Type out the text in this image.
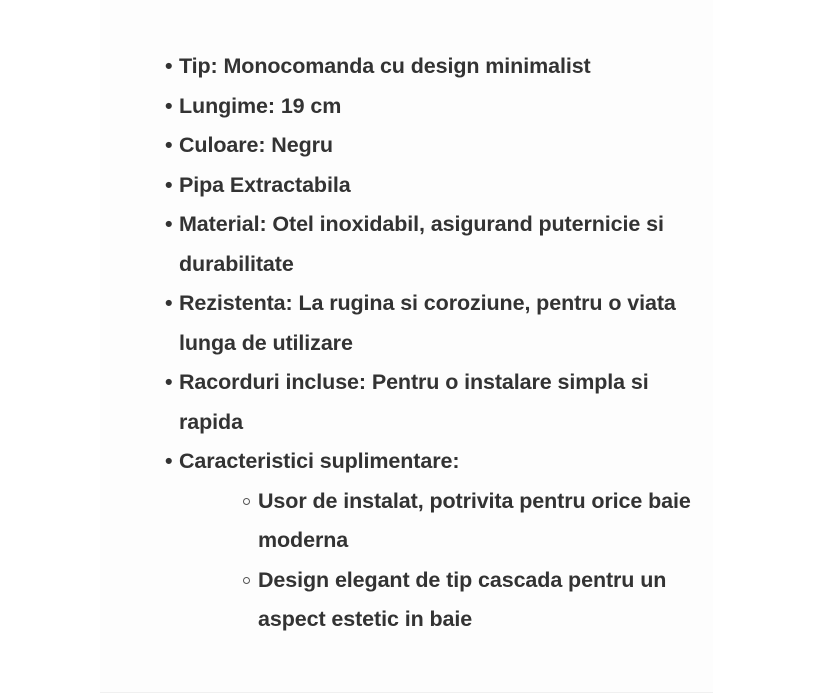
• Tip: Monocomanda cu design minimalist
• Lungime: 19 cm
• Culoare: Negru
• Pipa Extractabila
• Material: Otel inoxidabil, asigurand puternicie si durabilitate
• Rezistenta: La rugina si coroziune, pentru o viata lunga de utilizare
• Racorduri incluse: Pentru o instalare simpla si rapida
• Caracteristici suplimentare:
Usor de instalat, potrivita pentru orice baie moderna
Design elegant de tip cascada pentru un aspect estetic in baie
